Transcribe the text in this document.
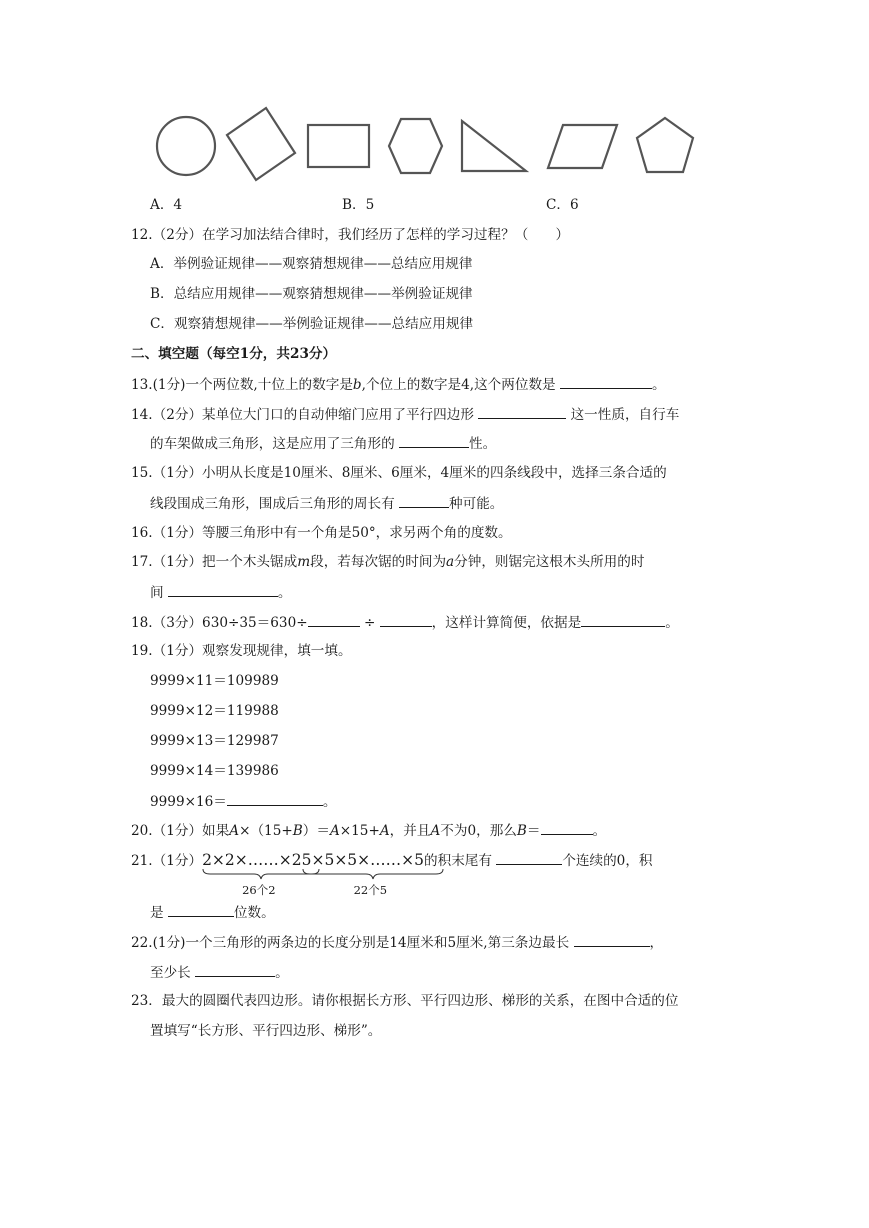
A．4	B．5	C．6
12.（2分）在学习加法结合律时，我们经历了怎样的学习过程？（　　）
A．举例验证规律——观察猜想规律——总结应用规律
B．总结应用规律——观察猜想规律——举例验证规律
C．观察猜想规律——举例验证规律——总结应用规律
二、填空题（每空1分，共23分）
13.(1分)一个两位数,十位上的数字是b,个位上的数字是4,这个两位数是	。
14.（2分）某单位大门口的自动伸缩门应用了平行四边形	这一性质，自行车
的车架做成三角形，这是应用了三角形的	性。
15.（1分）小明从长度是10厘米、8厘米、6厘米，4厘米的四条线段中，选择三条合适的
线段围成三角形，围成后三角形的周长有	种可能。
16.（1分）等腰三角形中有一个角是50°，求另两个角的度数。
17.（1分）把一个木头锯成m段，若每次锯的时间为a分钟，则锯完这根木头所用的时
间	。
18.（3分）630÷35＝630÷	÷	，这样计算简便，依据是	。
19.（1分）观察发现规律，填一填。
9999×11＝109989
9999×12＝119988
9999×13＝129987
9999×14＝139986
9999×16＝	。
20.（1分）如果A×（15+B）＝A×15+A，并且A不为0，那么B＝	。
21.（1分）2×2×……×2
26个2
5×5×5×……×5
22个5
的积末尾有	个连续的0，积
是	位数。
22.(1分)一个三角形的两条边的长度分别是14厘米和5厘米,第三条边最长	，
至少长	。
23．最大的圆圈代表四边形。请你根据长方形、平行四边形、梯形的关系，在图中合适的位
置填写“长方形、平行四边形、梯形”。
